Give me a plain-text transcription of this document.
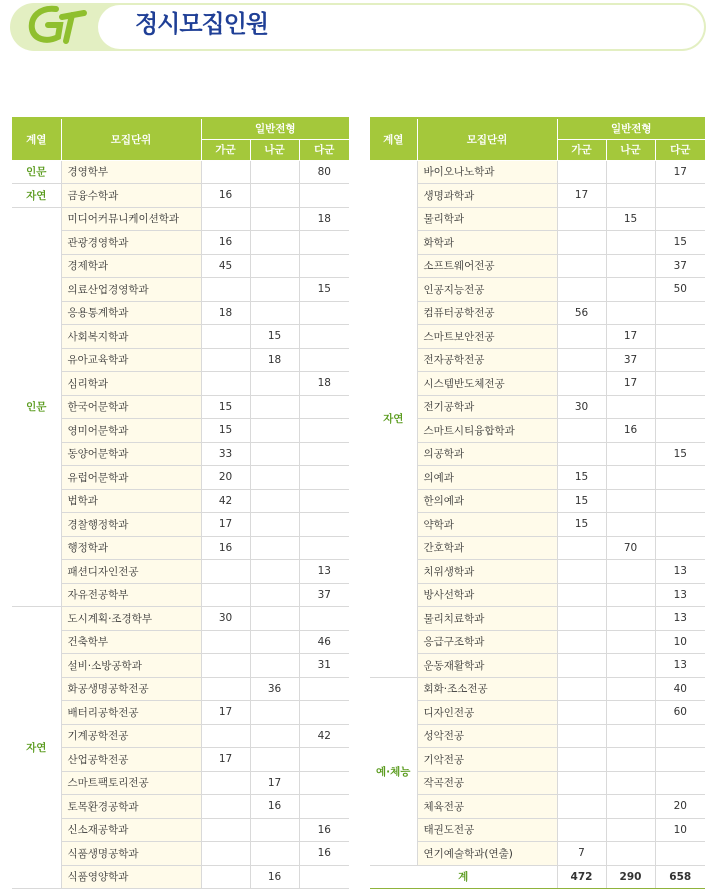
정시모집인원
계열	모집단위	일반전형		
		가군	나군	다군
인문	경영학부			80
자연	금융수학과	16		
인문	미디어커뮤니케이션학과			18
	관광경영학과	16		
	경제학과	45		
	의료산업경영학과			15
	응용통계학과	18		
	사회복지학과		15	
	유아교육학과		18	
	심리학과			18
	한국어문학과	15		
	영미어문학과	15		
	동양어문학과	33		
	유럽어문학과	20		
	법학과	42		
	경찰행정학과	17		
	행정학과	16		
	패션디자인전공			13
	자유전공학부			37
자연	도시계획·조경학부	30		
	건축학부			46
	설비·소방공학과			31
	화공생명공학전공		36	
	배터리공학전공	17		
	기계공학전공			42
	산업공학전공	17		
	스마트팩토리전공		17	
	토목환경공학과		16	
	신소재공학과			16
	식품생명공학과			16
	식품영양학과		16	
계열	모집단위	일반전형		
		가군	나군	다군
자연	바이오나노학과			17
	생명과학과	17		
	물리학과		15	
	화학과			15
	소프트웨어전공			37
	인공지능전공			50
	컴퓨터공학전공	56		
	스마트보안전공		17	
	전자공학전공		37	
	시스템반도체전공		17	
	전기공학과	30		
	스마트시티융합학과		16	
	의공학과			15
	의예과	15		
	한의예과	15		
	약학과	15		
	간호학과		70	
	치위생학과			13
	방사선학과			13
	물리치료학과			13
	응급구조학과			10
	운동재활학과			13
예·체능	회화·조소전공			40
	디자인전공			60
	성악전공			
	기악전공			
	작곡전공			
	체육전공			20
	태권도전공			10
	연기예술학과(연출)	7		
계		472	290	658
